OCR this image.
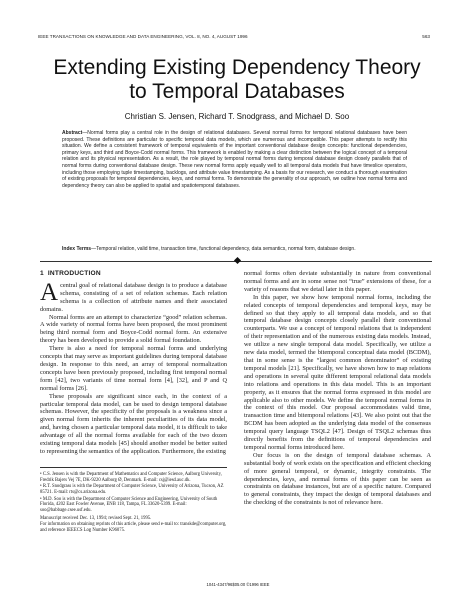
IEEE TRANSACTIONS ON KNOWLEDGE AND DATA ENGINEERING, VOL. 8, NO. 4, AUGUST 1996	563
Extending Existing Dependency Theory
to Temporal Databases
Christian S. Jensen, Richard T. Snodgrass, and Michael D. Soo
Abstract—Normal forms play a central role in the design of relational databases. Several normal forms for temporal relational databases have been proposed. These definitions are particular to specific temporal data models, which are numerous and incompatible. This paper attempts to rectify this situation. We define a consistent framework of temporal equivalents of the important conventional database design concepts: functional dependencies, primary keys, and third and Boyce-Codd normal forms. This framework is enabled by making a clear distinction between the logical concept of a temporal relation and its physical representation. As a result, the role played by temporal normal forms during temporal database design closely parallels that of normal forms during conventional database design. These new normal forms apply equally well to all temporal data models that have timeslice operators, including those employing tuple timestamping, backlogs, and attribute value timestamping. As a basis for our research, we conduct a thorough examination of existing proposals for temporal dependencies, keys, and normal forms. To demonstrate the generality of our approach, we outline how normal forms and dependency theory can also be applied to spatial and spatiotemporal databases.
Index Terms—Temporal relation, valid time, transaction time, functional dependency, data semantics, normal form, database design.
1 INTRODUCTION

Acentral goal of relational database design is to produce a database schema, consisting of a set of relation schemas. Each relation schema is a collection of attribute names and their associated domains.

Normal forms are an attempt to characterize “good” relation schemas. A wide variety of normal forms have been proposed, the most prominent being third normal form and Boyce-Codd normal form. An extensive theory has been developed to provide a solid formal foundation.

There is also a need for temporal normal forms and underlying concepts that may serve as important guidelines during temporal database design. In response to this need, an array of temporal normalization concepts have been previously proposed, including first temporal normal form [42], two variants of time normal form [4], [32], and P and Q normal forms [26].

These proposals are significant since each, in the context of a particular temporal data model, can be used to design temporal database schemas. However, the specificity of the proposals is a weakness since a given normal form inherits the inherent peculiarities of its data model, and, having chosen a particular temporal data model, it is difficult to take advantage of all the normal forms available for each of the two dozen existing temporal data models [45] should another model be better suited to representing the semantics of the application. Furthermore, the existing

normal forms often deviate substantially in nature from conventional normal forms and are in some sense not “true” extensions of these, for a variety of reasons that we detail later in this paper.

In this paper, we show how temporal normal forms, including the related concepts of temporal dependencies and temporal keys, may be defined so that they apply to all temporal data models, and so that temporal database design concepts closely parallel their conventional counterparts. We use a concept of temporal relations that is independent of their representation and of the numerous existing data models. Instead, we utilize a new single temporal data model. Specifically, we utilize a new data model, termed the bitemporal conceptual data model (BCDM), that in some sense is the “largest common denominator” of existing temporal models [21]. Specifically, we have shown how to map relations and operations in several quite different temporal relational data models into relations and operations in this data model. This is an important property, as it ensures that the normal forms expressed in this model are applicable also to other models. We define the temporal normal forms in the context of this model. Our proposal accommodates valid time, transaction time and bitemporal relations [43]. We also point out that the BCDM has been adopted as the underlying data model of the consensus temporal query language TSQL2 [47]. Design of TSQL2 schemas thus directly benefits from the definitions of temporal dependencies and temporal normal forms introduced here.

Our focus is on the design of temporal database schemas. A substantial body of work exists on the specification and efficient checking of more general temporal, or dynamic, integrity constraints. The dependencies, keys, and normal forms of this paper can be seen as constraints on database instances, but are of a specific nature. Compared to general constraints, they impact the design of temporal databases and the checking of the constraints is not of relevance here.

• C.S. Jensen is with the Department of Mathematics and Computer Science, Aalborg University, Fredrik Bajers Vej 7E, DK-9220 Aalborg Ø, Denmark. E-mail: csj@iesd.auc.dk.

• R.T. Snodgrass is with the Department of Computer Science, University of Arizona, Tucson, AZ 85721. E-mail: rts@cs.arizona.edu.

• M.D. Soo is with the Department of Computer Science and Engineering, University of South Florida, 4202 East Fowler Avenue, ENB 118, Tampa, FL 33620-5399. E-mail: soo@babbage.csee.usf.edu.

Manuscript received Dec. 13, 1994; revised Sept. 21, 1995.

For information on obtaining reprints of this article, please send e-mail to: transkde@computer.org, and reference IEEECS Log Number K96075.

1041-4347/96$05.00 ©1996 IEEE
